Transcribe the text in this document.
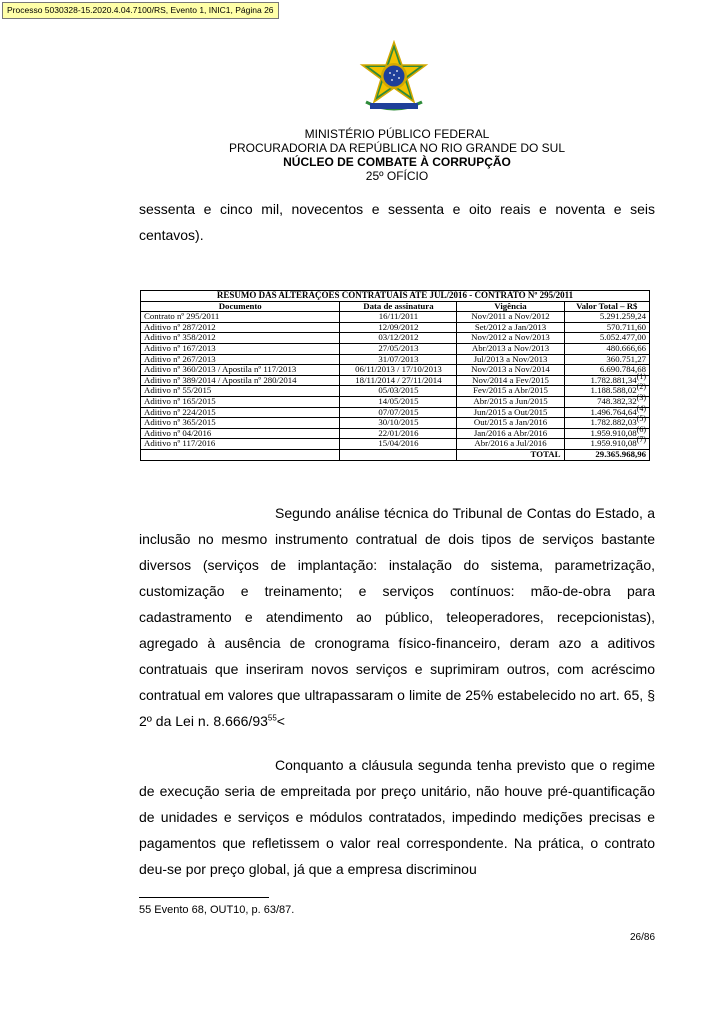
Processo 5030328-15.2020.4.04.7100/RS, Evento 1, INIC1, Página 26
MINISTÉRIO PÚBLICO FEDERAL
PROCURADORIA DA REPÚBLICA NO RIO GRANDE DO SUL
NÚCLEO DE COMBATE À CORRUPÇÃO
25º OFÍCIO
sessenta e cinco mil, novecentos e sessenta e oito reais e noventa e seis centavos).
RESUMO DAS ALTERAÇOES CONTRATUAIS ATE JUL/2016 - CONTRATO Nº 295/2011			
Documento	Data de assinatura	Vigência	Valor Total – R$
Contrato nº 295/2011	16/11/2011	Nov/2011 a Nov/2012	5.291.259,24
Aditivo nº 287/2012	12/09/2012	Set/2012 a Jan/2013	570.711,60
Aditivo nº 358/2012	03/12/2012	Nov/2012 a Nov/2013	5.052.477,00
Aditivo nº 167/2013	27/05/2013	Abr/2013 a Nov/2013	480.666,66
Aditivo nº 267/2013	31/07/2013	Jul/2013 a Nov/2013	360.751,27
Aditivo nº 360/2013 / Apostila nº 117/2013	06/11/2013 / 17/10/2013	Nov/2013 a Nov/2014	6.690.784,68
Aditivo nº 389/2014 / Apostila nº 280/2014	18/11/2014 / 27/11/2014	Nov/2014 a Fev/2015	1.782.881,34$^{(1)}$
Aditivo nº 55/2015	05/03/2015	Fev/2015 a Abr/2015	1.188.588,02$^{(2)}$
Aditivo nº 165/2015	14/05/2015	Abr/2015 a Jun/2015	748.382,32$^{(3)}$
Aditivo nº 224/2015	07/07/2015	Jun/2015 a Out/2015	1.496.764,64$^{(4)}$
Aditivo nº 365/2015	30/10/2015	Out/2015 a Jan/2016	1.782.882,03$^{(5)}$
Aditivo nº 04/2016	22/01/2016	Jan/2016 a Abr/2016	1.959.910,08$^{(6)}$
Aditivo nº 117/2016	15/04/2016	Abr/2016 a Jul/2016	1.959.910,08$^{(7)}$
		TOTAL	29.365.968,96
Segundo análise técnica do Tribunal de Contas do Estado, a inclusão no mesmo instrumento contratual de dois tipos de serviços bastante diversos (serviços de implantação: instalação do sistema, parametrização, customização e treinamento; e serviços contínuos: mão-de-obra para cadastramento e atendimento ao público, teleoperadores, recepcionistas), agregado à ausência de cronograma físico-financeiro, deram azo a aditivos contratuais que inseriram novos serviços e suprimiram outros, com acréscimo contratual em valores que ultrapassaram o limite de 25% estabelecido no art. 65, § 2º da Lei n. $8.666/93^{55}<$
Conquanto a cláusula segunda tenha previsto que o regime de execução seria de empreitada por preço unitário, não houve pré-quantificação de unidades e serviços e módulos contratados, impedindo medições precisas e pagamentos que refletissem o valor real correspondente. Na prática, o contrato deu-se por preço global, já que a empresa discriminou
55 Evento 68, OUT10, p. 63/87.
26/86
